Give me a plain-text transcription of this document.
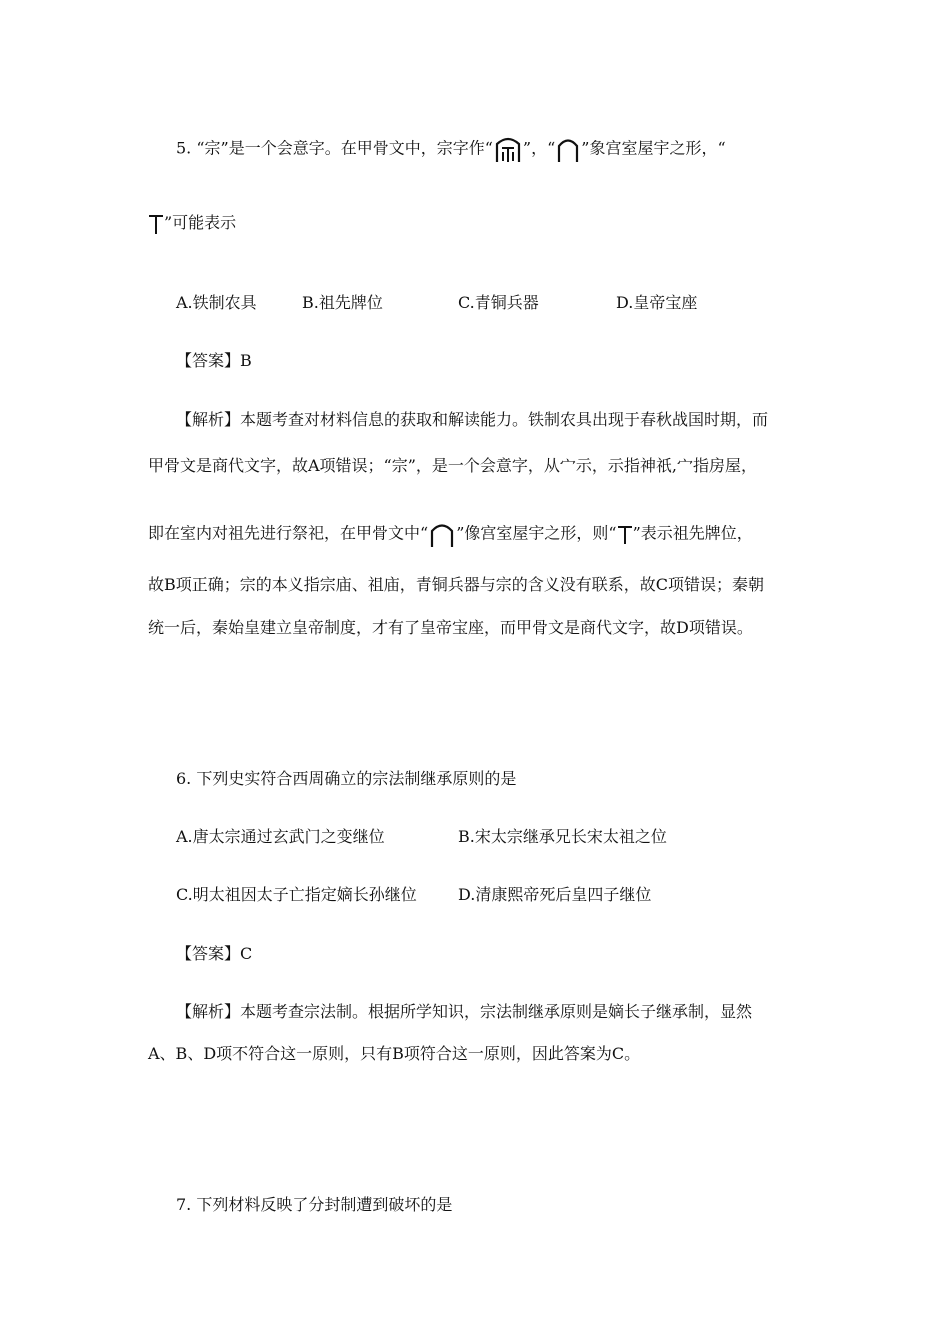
5. “宗”是一个会意字。在甲骨文中，宗字作“ ”，“ ”象宫室屋宇之形，“
”可能表示
A.铁制农具	B.祖先牌位	C.青铜兵器	D.皇帝宝座
【答案】B
【解析】本题考查对材料信息的获取和解读能力。铁制农具出现于春秋战国时期，而
甲骨文是商代文字，故A项错误；“宗”，是一个会意字，从宀示，示指神祇,宀指房屋，
即在室内对祖先进行祭祀，在甲骨文中“ ”像宫室屋宇之形，则“ ”表示祖先牌位，
故B项正确；宗的本义指宗庙、祖庙，青铜兵器与宗的含义没有联系，故C项错误；秦朝
统一后，秦始皇建立皇帝制度，才有了皇帝宝座，而甲骨文是商代文字，故D项错误。
6. 下列史实符合西周确立的宗法制继承原则的是
A.唐太宗通过玄武门之变继位	B.宋太宗继承兄长宋太祖之位
C.明太祖因太子亡指定嫡长孙继位	D.清康熙帝死后皇四子继位
【答案】C
【解析】本题考查宗法制。根据所学知识，宗法制继承原则是嫡长子继承制，显然
A、B、D项不符合这一原则，只有B项符合这一原则，因此答案为C。
7. 下列材料反映了分封制遭到破坏的是
